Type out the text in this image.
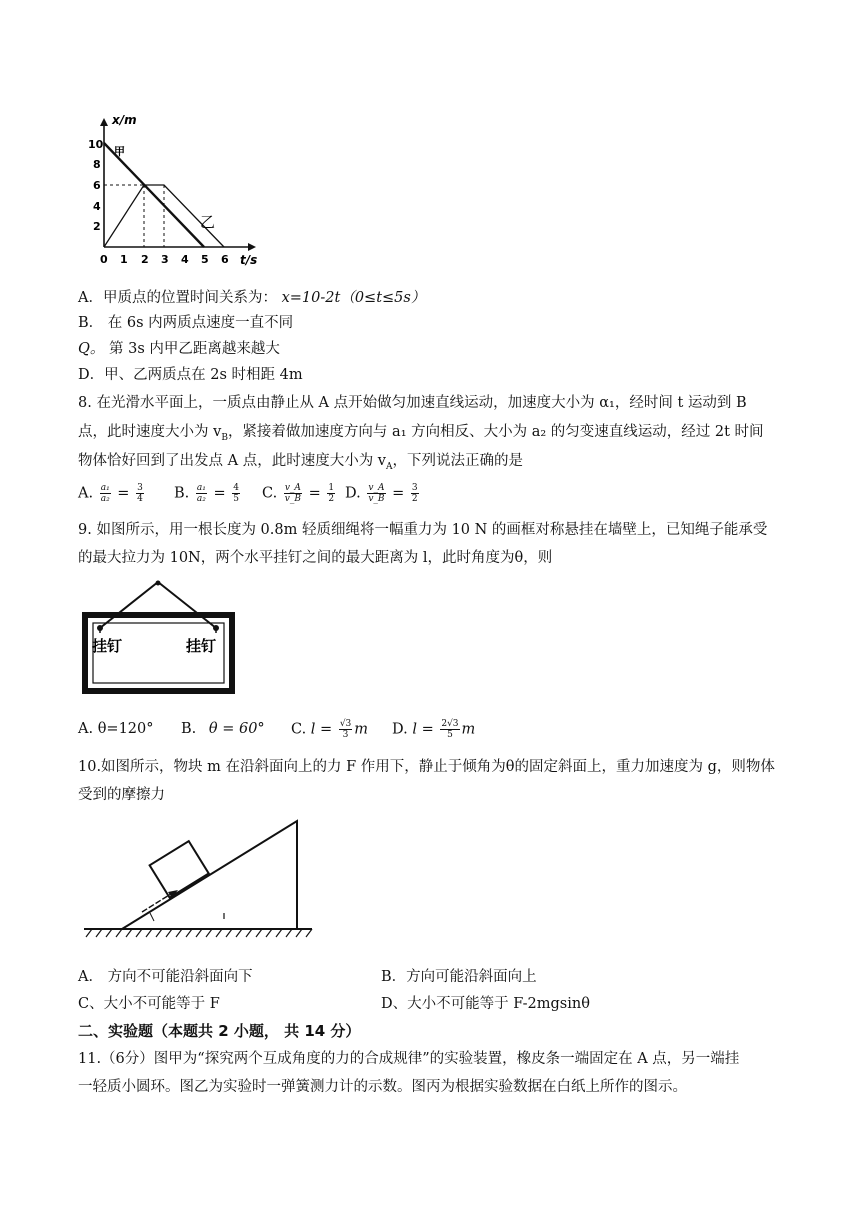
x/m
t/s
10
8
6
4
2
0 1 2 3 4 5 6
甲
乙
A．甲质点的位置时间关系为： x=10-2t（0≤t≤5s）
B． 在 6s 内两质点速度一直不同
Q。 第 3s 内甲乙距离越来越大
D．甲、乙两质点在 2s 时相距 4m
8. 在光滑水平面上，一质点由静止从 A 点开始做匀加速直线运动，加速度大小为 α₁，经时间 t 运动到 B
点，此时速度大小为 $v_B$，紧接着做加速度方向与 a₁ 方向相反、大小为 a₂ 的匀变速直线运动，经过 2t 时间
物体恰好回到了出发点 A 点，此时速度大小为 $v_A$，下列说法正确的是
A. $\frac{\text{a₁}}{\text{a₂}} = \frac{3}{4} B$. $\frac{\text{a₁}}{\text{a₂}} = \frac{4}{5} C$. $\frac{v\_A}{v\_B} = \frac{1}{2} D$. $\frac{v\_A}{v\_B} = \frac{3}{2}$
9. 如图所示，用一根长度为 0.8m 轻质细绳将一幅重力为 10 N 的画框对称悬挂在墙壁上，已知绳子能承受
的最大拉力为 10N，两个水平挂钉之间的最大距离为 l，此时角度为θ，则
挂钉	挂钉
A. θ=120° B. θ = 60° C. $l = \frac{√3}{3}$ m D. $l = \frac{2√3}{5}$ m
10.如图所示，物块 m 在沿斜面向上的力 F 作用下，静止于倾角为θ的固定斜面上，重力加速度为 g，则物体
受到的摩擦力
A． 方向不可能沿斜面向下	B．方向可能沿斜面向上
C、大小不可能等于 F	D、大小不可能等于 F-2mgsinθ
二、实验题（本题共 2 小题， 共 14 分）
11.（6分）图甲为“探究两个互成角度的力的合成规律”的实验装置，橡皮条一端固定在 A 点，另一端挂
一轻质小圆环。图乙为实验时一弹簧测力计的示数。图丙为根据实验数据在白纸上所作的图示。
